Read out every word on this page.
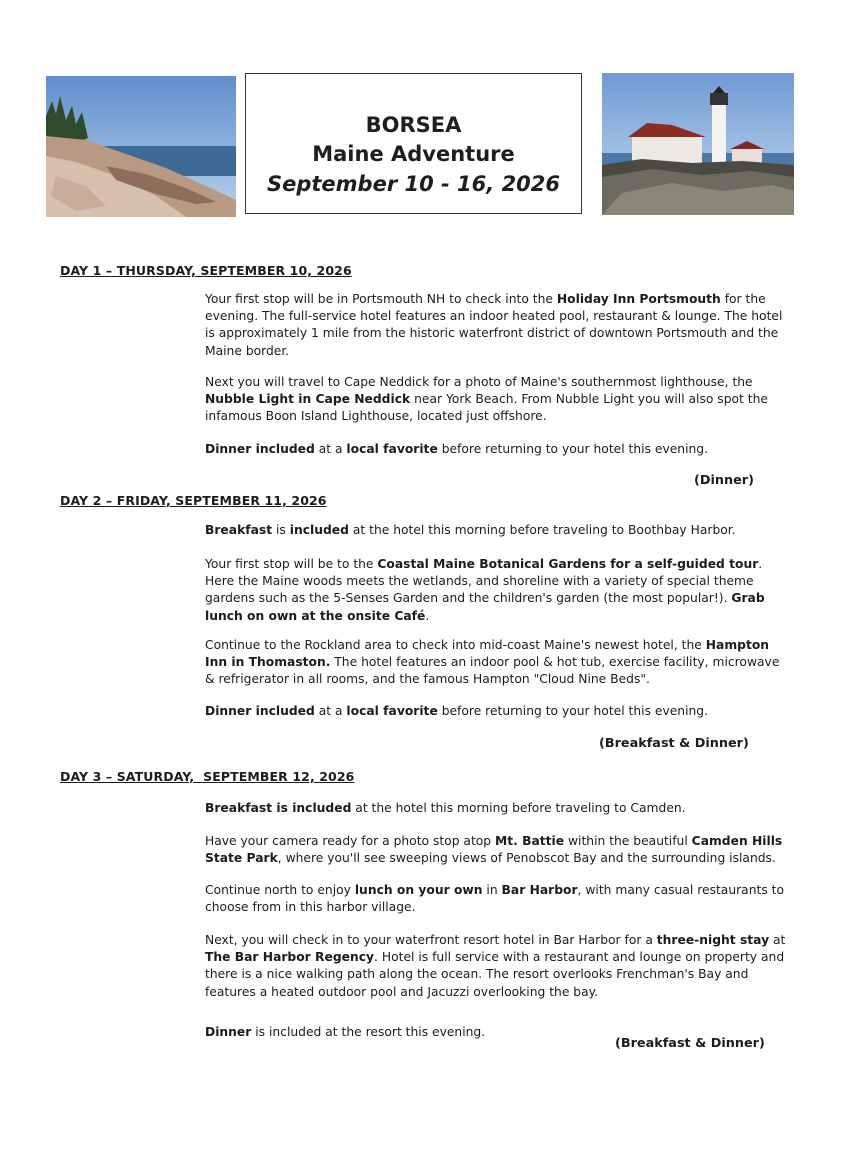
BORSEA
Maine Adventure
September 10 - 16, 2026
DAY 1 – THURSDAY, SEPTEMBER 10, 2026

Your first stop will be in Portsmouth NH to check into the Holiday Inn Portsmouth for the evening. The full-service hotel features an indoor heated pool, restaurant & lounge. The hotel is approximately 1 mile from the historic waterfront district of downtown Portsmouth and the Maine border.

Next you will travel to Cape Neddick for a photo of Maine's southernmost lighthouse, the Nubble Light in Cape Neddick near York Beach. From Nubble Light you will also spot the infamous Boon Island Lighthouse, located just offshore.

Dinner included at a local favorite before returning to your hotel this evening.

(Dinner)
DAY 2 – FRIDAY, SEPTEMBER 11, 2026

Breakfast is included at the hotel this morning before traveling to Boothbay Harbor.

Your first stop will be to the Coastal Maine Botanical Gardens for a self-guided tour. Here the Maine woods meets the wetlands, and shoreline with a variety of special theme gardens such as the 5-Senses Garden and the children's garden (the most popular!). Grab lunch on own at the onsite Café.

Continue to the Rockland area to check into mid-coast Maine's newest hotel, the Hampton Inn in Thomaston. The hotel features an indoor pool & hot tub, exercise facility, microwave & refrigerator in all rooms, and the famous Hampton "Cloud Nine Beds".

Dinner included at a local favorite before returning to your hotel this evening.

(Breakfast & Dinner)
DAY 3 – SATURDAY,  SEPTEMBER 12, 2026

Breakfast is included at the hotel this morning before traveling to Camden.

Have your camera ready for a photo stop atop Mt. Battie within the beautiful Camden Hills State Park, where you'll see sweeping views of Penobscot Bay and the surrounding islands.

Continue north to enjoy lunch on your own in Bar Harbor, with many casual restaurants to choose from in this harbor village.

Next, you will check in to your waterfront resort hotel in Bar Harbor for a three-night stay at The Bar Harbor Regency. Hotel is full service with a restaurant and lounge on property and there is a nice walking path along the ocean. The resort overlooks Frenchman's Bay and features a heated outdoor pool and Jacuzzi overlooking the bay.

Dinner is included at the resort this evening.

(Breakfast & Dinner)
